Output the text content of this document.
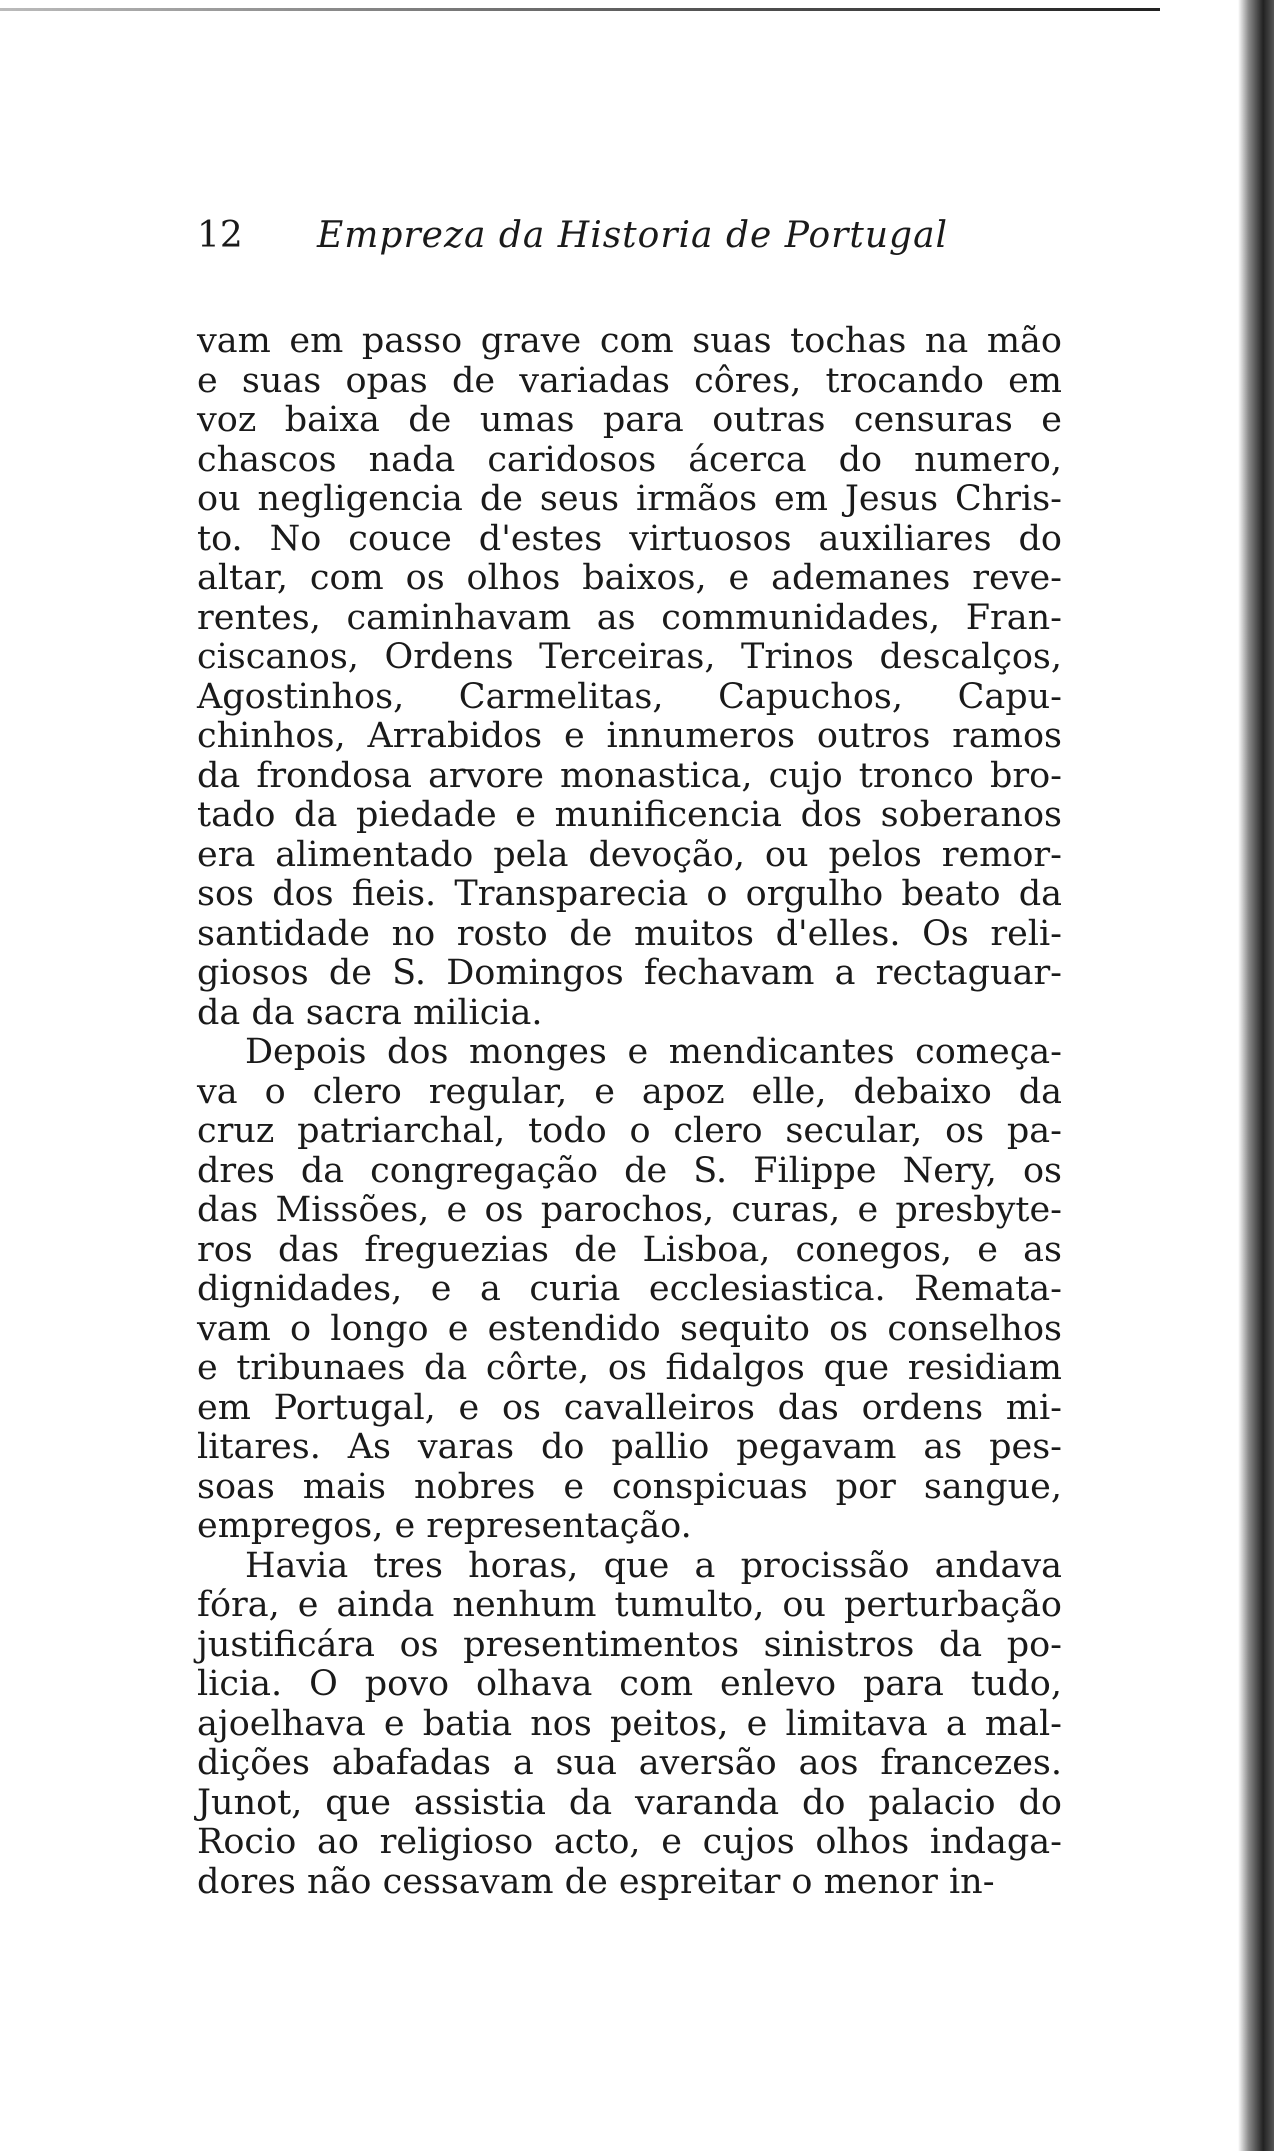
12 Empreza da Historia de Portugal
vam em passo grave com suas tochas na mão
e suas opas de variadas côres, trocando em
voz baixa de umas para outras censuras e
chascos nada caridosos ácerca do numero,
ou negligencia de seus irmãos em Jesus Chris-
to. No couce d'estes virtuosos auxiliares do
altar, com os olhos baixos, e ademanes reve-
rentes, caminhavam as communidades, Fran-
ciscanos, Ordens Terceiras, Trinos descalços,
Agostinhos, Carmelitas, Capuchos, Capu-
chinhos, Arrabidos e innumeros outros ramos
da frondosa arvore monastica, cujo tronco bro-
tado da piedade e munificencia dos soberanos
era alimentado pela devoção, ou pelos remor-
sos dos fieis. Transparecia o orgulho beato da
santidade no rosto de muitos d'elles. Os reli-
giosos de S. Domingos fechavam a rectaguar-
da da sacra milicia.
Depois dos monges e mendicantes começa-
va o clero regular, e apoz elle, debaixo da
cruz patriarchal, todo o clero secular, os pa-
dres da congregação de S. Filippe Nery, os
das Missões, e os parochos, curas, e presbyte-
ros das freguezias de Lisboa, conegos, e as
dignidades, e a curia ecclesiastica. Remata-
vam o longo e estendido sequito os conselhos
e tribunaes da côrte, os fidalgos que residiam
em Portugal, e os cavalleiros das ordens mi-
litares. As varas do pallio pegavam as pes-
soas mais nobres e conspicuas por sangue,
empregos, e representação.
Havia tres horas, que a procissão andava
fóra, e ainda nenhum tumulto, ou perturbação
justificára os presentimentos sinistros da po-
licia. O povo olhava com enlevo para tudo,
ajoelhava e batia nos peitos, e limitava a mal-
dições abafadas a sua aversão aos francezes.
Junot, que assistia da varanda do palacio do
Rocio ao religioso acto, e cujos olhos indaga-
dores não cessavam de espreitar o menor in-
